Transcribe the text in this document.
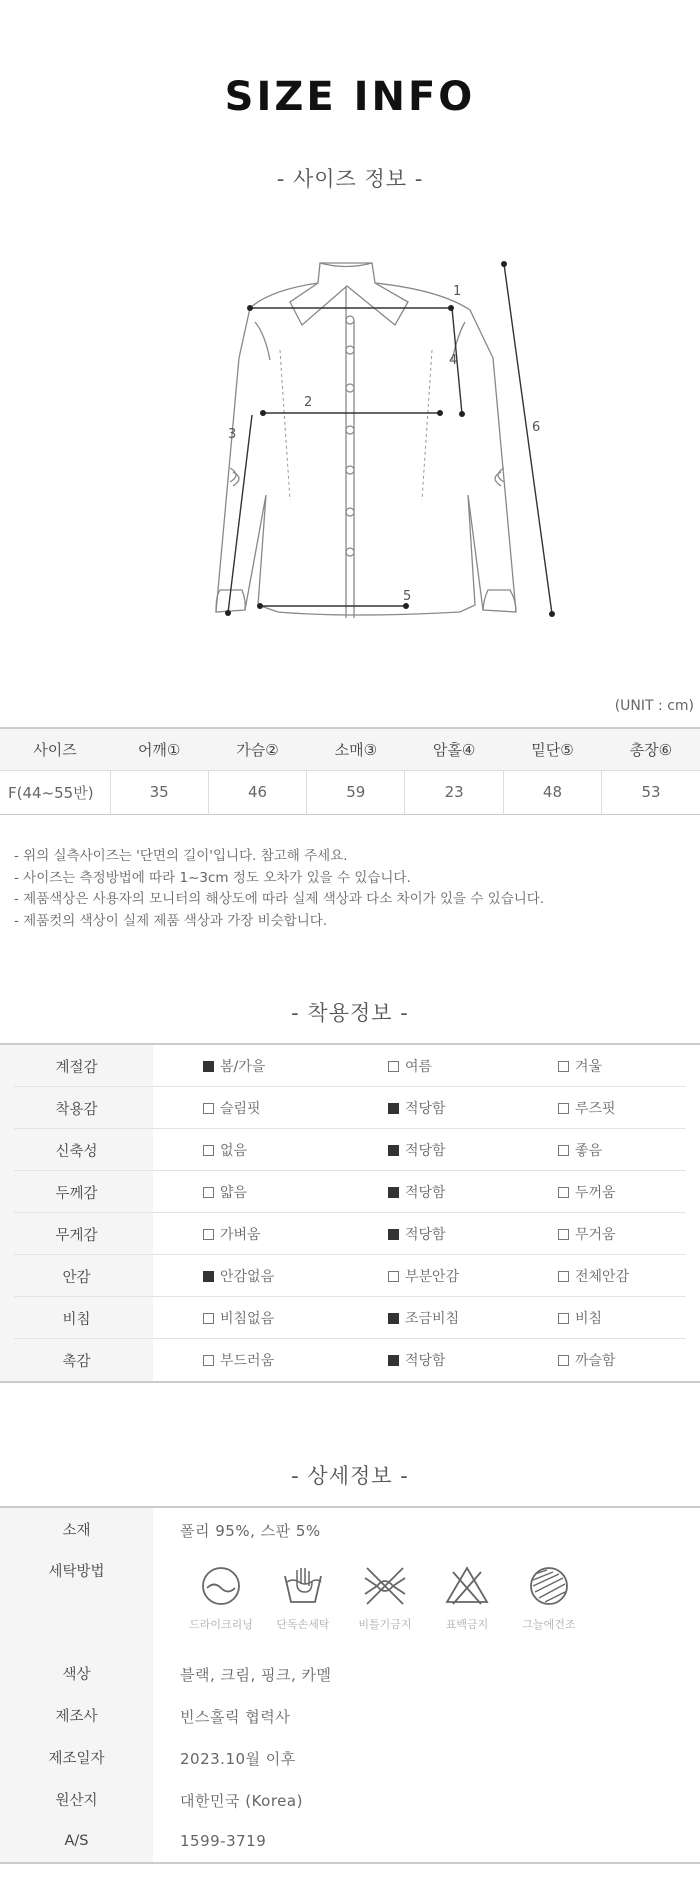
SIZE INFO
- 사이즈 정보 -
1
2
3
4
5
6
(UNIT : cm)
사이즈	어깨①	가슴②	소매③	암홀④	밑단⑤	총장⑥
F(44~55반)	35	46	59	23	48	53
- 위의 실측사이즈는 '단면의 길이'입니다. 참고해 주세요.
- 사이즈는 측정방법에 따라 1~3cm 정도 오차가 있을 수 있습니다.
- 제품색상은 사용자의 모니터의 해상도에 따라 실제 색상과 다소 차이가 있을 수 있습니다.
- 제품컷의 색상이 실제 제품 색상과 가장 비슷합니다.
- 착용정보 -
계절감	봄/가을	여름	겨울
착용감	슬림핏	적당함	루즈핏
신축성	없음	적당함	좋음
두께감	얇음	적당함	두꺼움
무게감	가벼움	적당함	무거움
안감	안감없음	부분안감	전체안감
비침	비침없음	조금비침	비침
촉감	부드러움	적당함	까슬함
- 상세정보 -
소재	폴리 95%, 스판 5%
세탁방법
드라이크리닝 단독손세탁	비틀기금지	표백금지	그늘에건조
색상	블랙, 크림, 핑크, 카멜
제조사	빈스홀릭 협력사
제조일자	2023.10월 이후
원산지	대한민국 (Korea)
A/S	1599-3719
